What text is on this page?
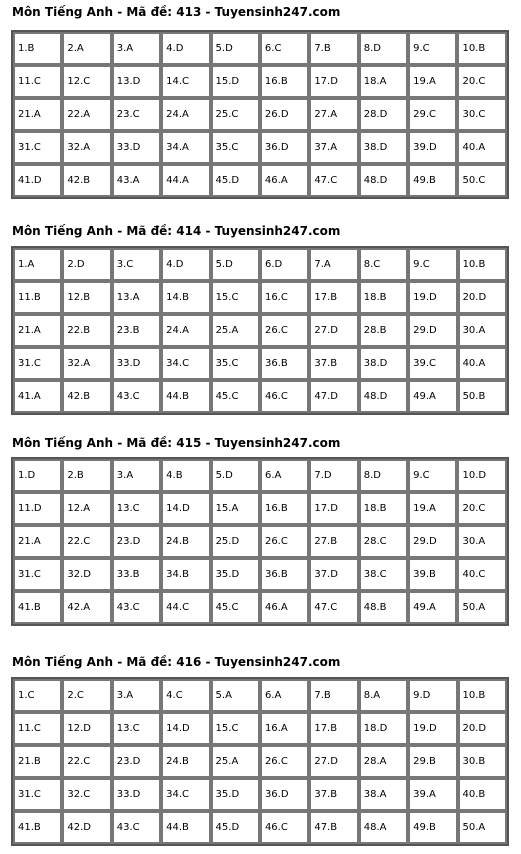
Môn Tiếng Anh - Mã đề: 413 - Tuyensinh247.com
1.B	2.A	3.A	4.D	5.D	6.C	7.B	8.D	9.C	10.B
11.C	12.C	13.D	14.C	15.D	16.B	17.D	18.A	19.A	20.C
21.A	22.A	23.C	24.A	25.C	26.D	27.A	28.D	29.C	30.C
31.C	32.A	33.D	34.A	35.C	36.D	37.A	38.D	39.D	40.A
41.D	42.B	43.A	44.A	45.D	46.A	47.C	48.D	49.B	50.C
Môn Tiếng Anh - Mã đề: 414 - Tuyensinh247.com
1.A	2.D	3.C	4.D	5.D	6.D	7.A	8.C	9.C	10.B
11.B	12.B	13.A	14.B	15.C	16.C	17.B	18.B	19.D	20.D
21.A	22.B	23.B	24.A	25.A	26.C	27.D	28.B	29.D	30.A
31.C	32.A	33.D	34.C	35.C	36.B	37.B	38.D	39.C	40.A
41.A	42.B	43.C	44.B	45.C	46.C	47.D	48.D	49.A	50.B
Môn Tiếng Anh - Mã đề: 415 - Tuyensinh247.com
1.D	2.B	3.A	4.B	5.D	6.A	7.D	8.D	9.C	10.D
11.D	12.A	13.C	14.D	15.A	16.B	17.D	18.B	19.A	20.C
21.A	22.C	23.D	24.B	25.D	26.C	27.B	28.C	29.D	30.A
31.C	32.D	33.B	34.B	35.D	36.B	37.D	38.C	39.B	40.C
41.B	42.A	43.C	44.C	45.C	46.A	47.C	48.B	49.A	50.A
Môn Tiếng Anh - Mã đề: 416 - Tuyensinh247.com
1.C	2.C	3.A	4.C	5.A	6.A	7.B	8.A	9.D	10.B
11.C	12.D	13.C	14.D	15.C	16.A	17.B	18.D	19.D	20.D
21.B	22.C	23.D	24.B	25.A	26.C	27.D	28.A	29.B	30.B
31.C	32.C	33.D	34.C	35.D	36.D	37.B	38.A	39.A	40.B
41.B	42.D	43.C	44.B	45.D	46.C	47.B	48.A	49.B	50.A
